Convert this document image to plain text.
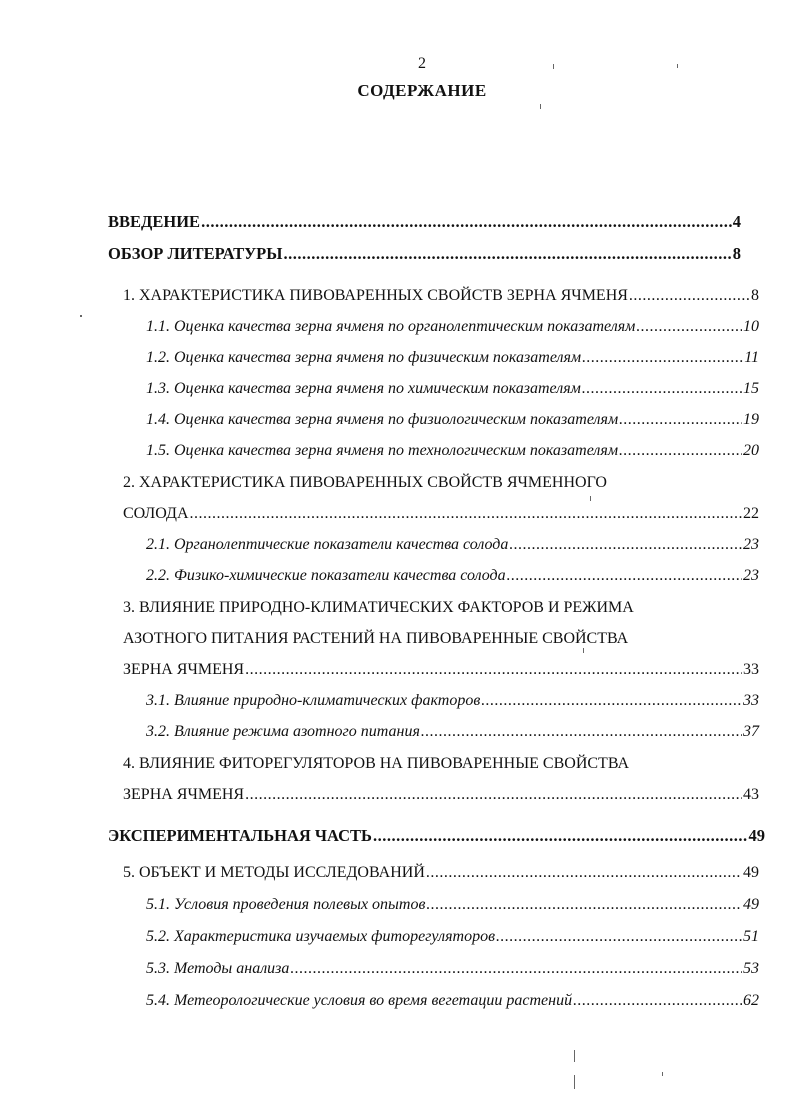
2
СОДЕРЖАНИЕ
ВВЕДЕНИЕ .....	4
ОБЗОР ЛИТЕРАТУРЫ .....	8
1. ХАРАКТЕРИСТИКА ПИВОВАРЕННЫХ СВОЙСТВ ЗЕРНА ЯЧМЕНЯ .....	8
1.1. Оценка качества зерна ячменя по органолептическим показателям .....	10
1.2. Оценка качества зерна ячменя по физическим показателям .....	11
1.3. Оценка качества зерна ячменя по химическим показателям .....	15
1.4. Оценка качества зерна ячменя по физиологическим показателям .....	19
1.5. Оценка качества зерна ячменя по технологическим показателям .....	20
2. ХАРАКТЕРИСТИКА ПИВОВАРЕННЫХ СВОЙСТВ ЯЧМЕННОГО
СОЛОДА .....	22
2.1. Органолептические показатели качества солода .....	23
2.2. Физико-химические показатели качества солода .....	23
3. ВЛИЯНИЕ ПРИРОДНО-КЛИМАТИЧЕСКИХ ФАКТОРОВ И РЕЖИМА
АЗОТНОГО ПИТАНИЯ РАСТЕНИЙ НА ПИВОВАРЕННЫЕ СВОЙСТВА
ЗЕРНА ЯЧМЕНЯ .....	33
3.1. Влияние природно-климатических факторов .....	33
3.2. Влияние режима азотного питания .....	37
4. ВЛИЯНИЕ ФИТОРЕГУЛЯТОРОВ НА ПИВОВАРЕННЫЕ СВОЙСТВА
ЗЕРНА ЯЧМЕНЯ .....	43
ЭКСПЕРИМЕНТАЛЬНАЯ ЧАСТЬ .....	49
5. ОБЪЕКТ И МЕТОДЫ ИССЛЕДОВАНИЙ .....	49
5.1. Условия проведения полевых опытов .....	49
5.2. Характеристика изучаемых фиторегуляторов .....	51
5.3. Методы анализа .....	53
5.4. Метеорологические условия во время вегетации растений .....	62
